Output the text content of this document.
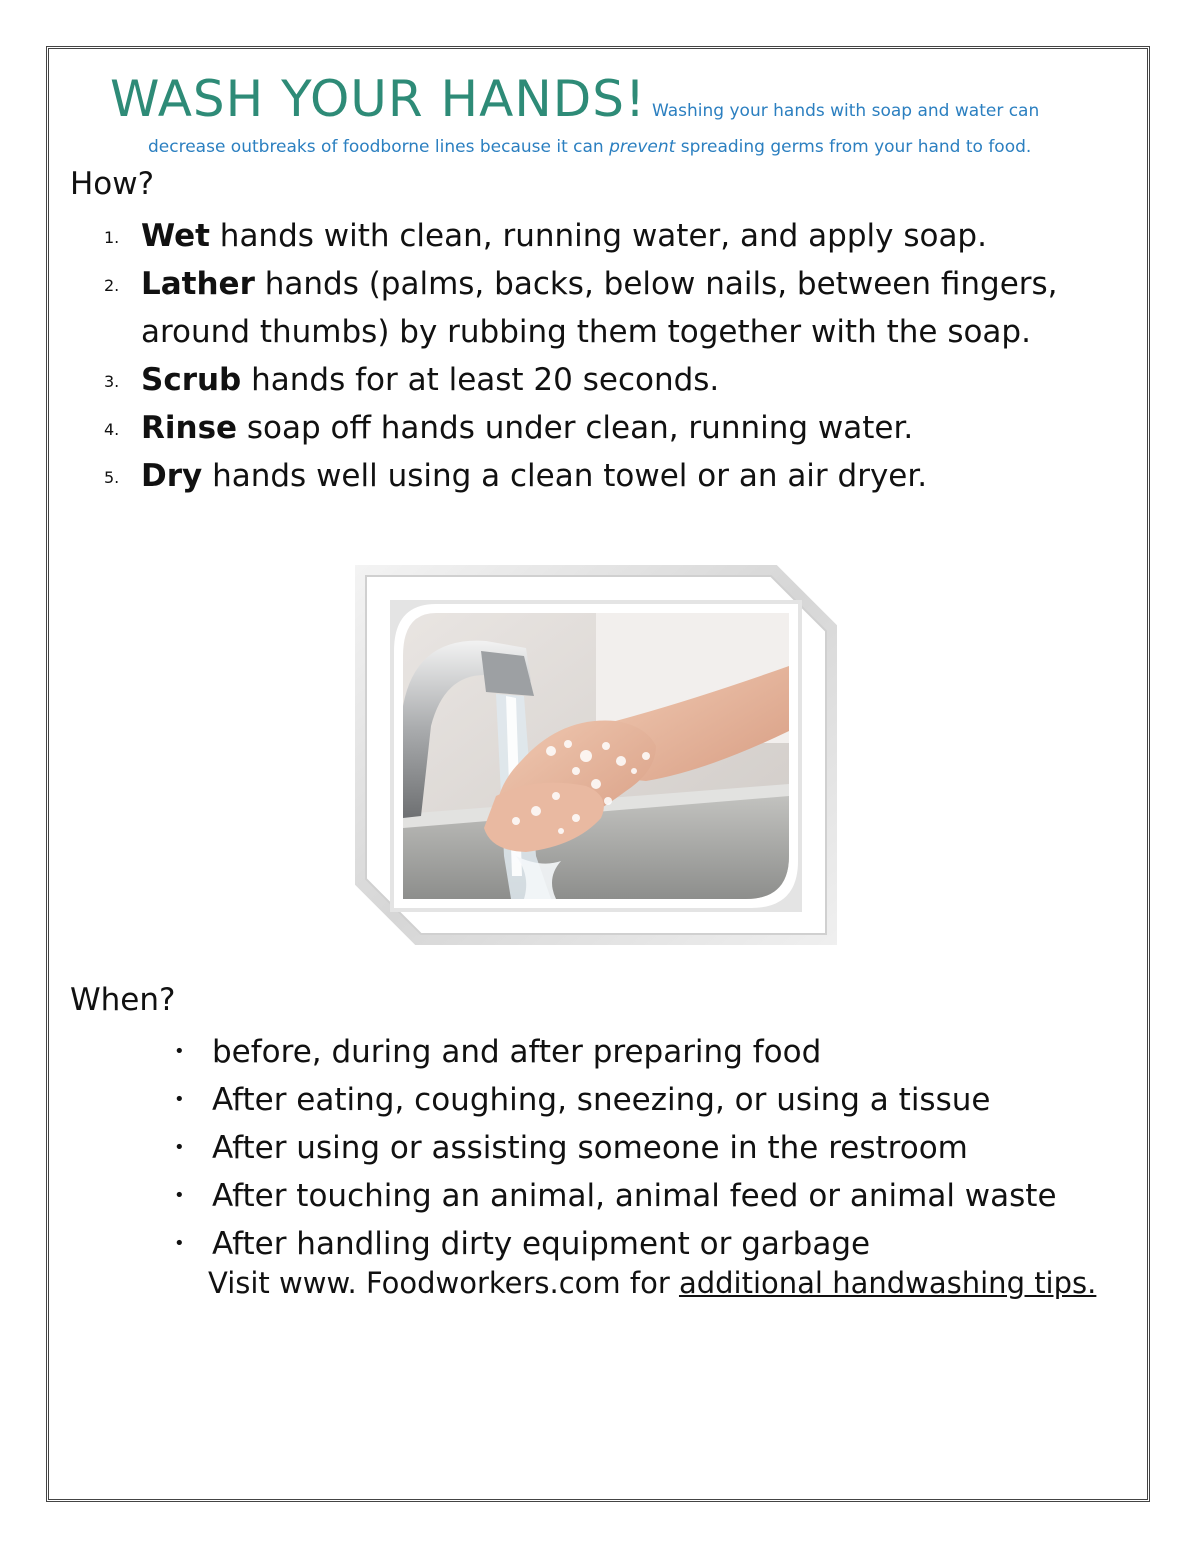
WASH YOUR HANDS! Washing your hands with soap and water can
decrease outbreaks of foodborne lines because it can prevent spreading germs from your hand to food.
How?
1. Wet hands with clean, running water, and apply soap.
2. Lather hands (palms, backs, below nails, between fingers, around thumbs) by rubbing them together with the soap.
3. Scrub hands for at least 20 seconds.
4. Rinse soap off hands under clean, running water.
5. Dry hands well using a clean towel or an air dryer.
When?
• before, during and after preparing food
• After eating, coughing, sneezing, or using a tissue
• After using or assisting someone in the restroom
• After touching an animal, animal feed or animal waste
• After handling dirty equipment or garbage
Visit www. Foodworkers.com for additional handwashing tips.
